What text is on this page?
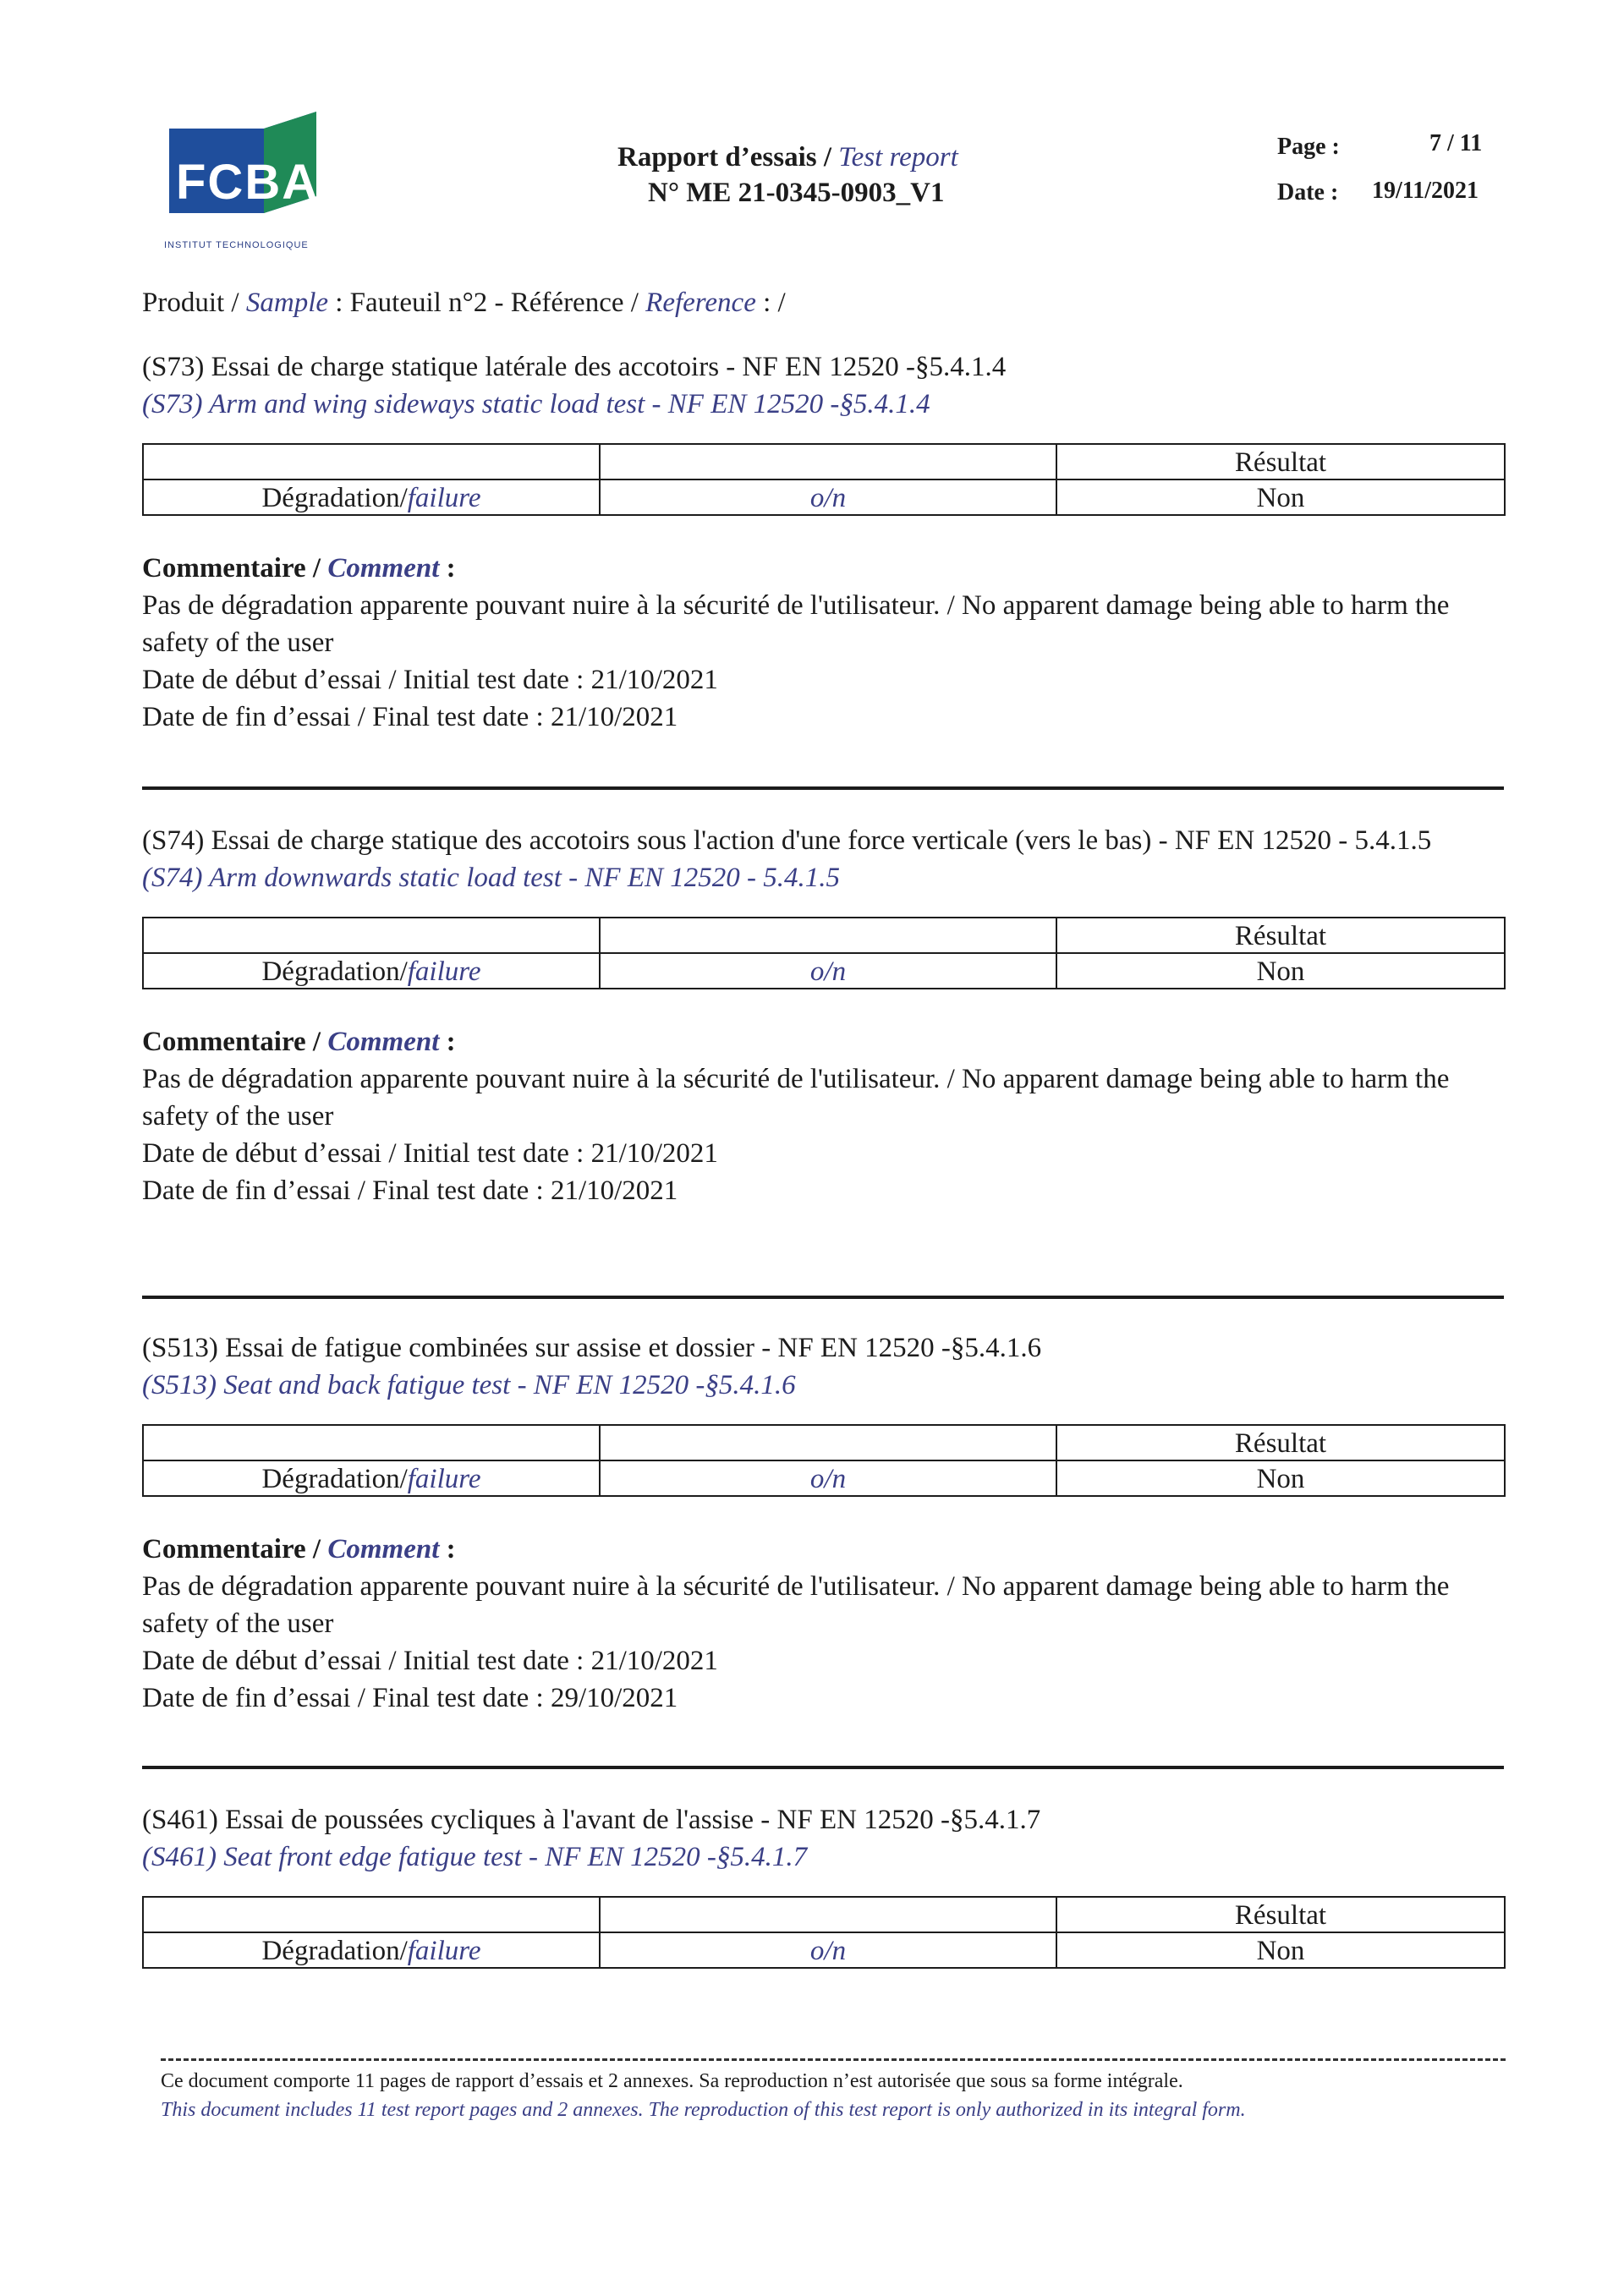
FCBA
INSTITUT TECHNOLOGIQUE
Rapport d’essais / Test report
N° ME 21-0345-0903_V1
Page :	7 / 11
Date : 19/11/2021
Produit / Sample : Fauteuil n°2 - Référence / Reference : /
(S73) Essai de charge statique latérale des accotoirs - NF EN 12520 -§5.4.1.4
(S73) Arm and wing sideways static load test - NF EN 12520 -§5.4.1.4
		Résultat
Dégradation/failure	o/n	Non
Commentaire / Comment :
Pas de dégradation apparente pouvant nuire à la sécurité de l'utilisateur. / No apparent damage being able to harm the safety of the user
Date de début d’essai / Initial test date : 21/10/2021
Date de fin d’essai / Final test date : 21/10/2021
(S74) Essai de charge statique des accotoirs sous l'action d'une force verticale (vers le bas) - NF EN 12520 - 5.4.1.5
(S74) Arm downwards static load test - NF EN 12520 - 5.4.1.5
		Résultat
Dégradation/failure	o/n	Non
Commentaire / Comment :
Pas de dégradation apparente pouvant nuire à la sécurité de l'utilisateur. / No apparent damage being able to harm the safety of the user
Date de début d’essai / Initial test date : 21/10/2021
Date de fin d’essai / Final test date : 21/10/2021
(S513) Essai de fatigue combinées sur assise et dossier - NF EN 12520 -§5.4.1.6
(S513) Seat and back fatigue test - NF EN 12520 -§5.4.1.6
		Résultat
Dégradation/failure	o/n	Non
Commentaire / Comment :
Pas de dégradation apparente pouvant nuire à la sécurité de l'utilisateur. / No apparent damage being able to harm the safety of the user
Date de début d’essai / Initial test date : 21/10/2021
Date de fin d’essai / Final test date : 29/10/2021
(S461) Essai de poussées cycliques à l'avant de l'assise - NF EN 12520 -§5.4.1.7
(S461) Seat front edge fatigue test - NF EN 12520 -§5.4.1.7
		Résultat
Dégradation/failure	o/n	Non
Ce document comporte 11 pages de rapport d’essais et 2 annexes. Sa reproduction n’est autorisée que sous sa forme intégrale.
This document includes 11 test report pages and 2 annexes. The reproduction of this test report is only authorized in its integral form.
